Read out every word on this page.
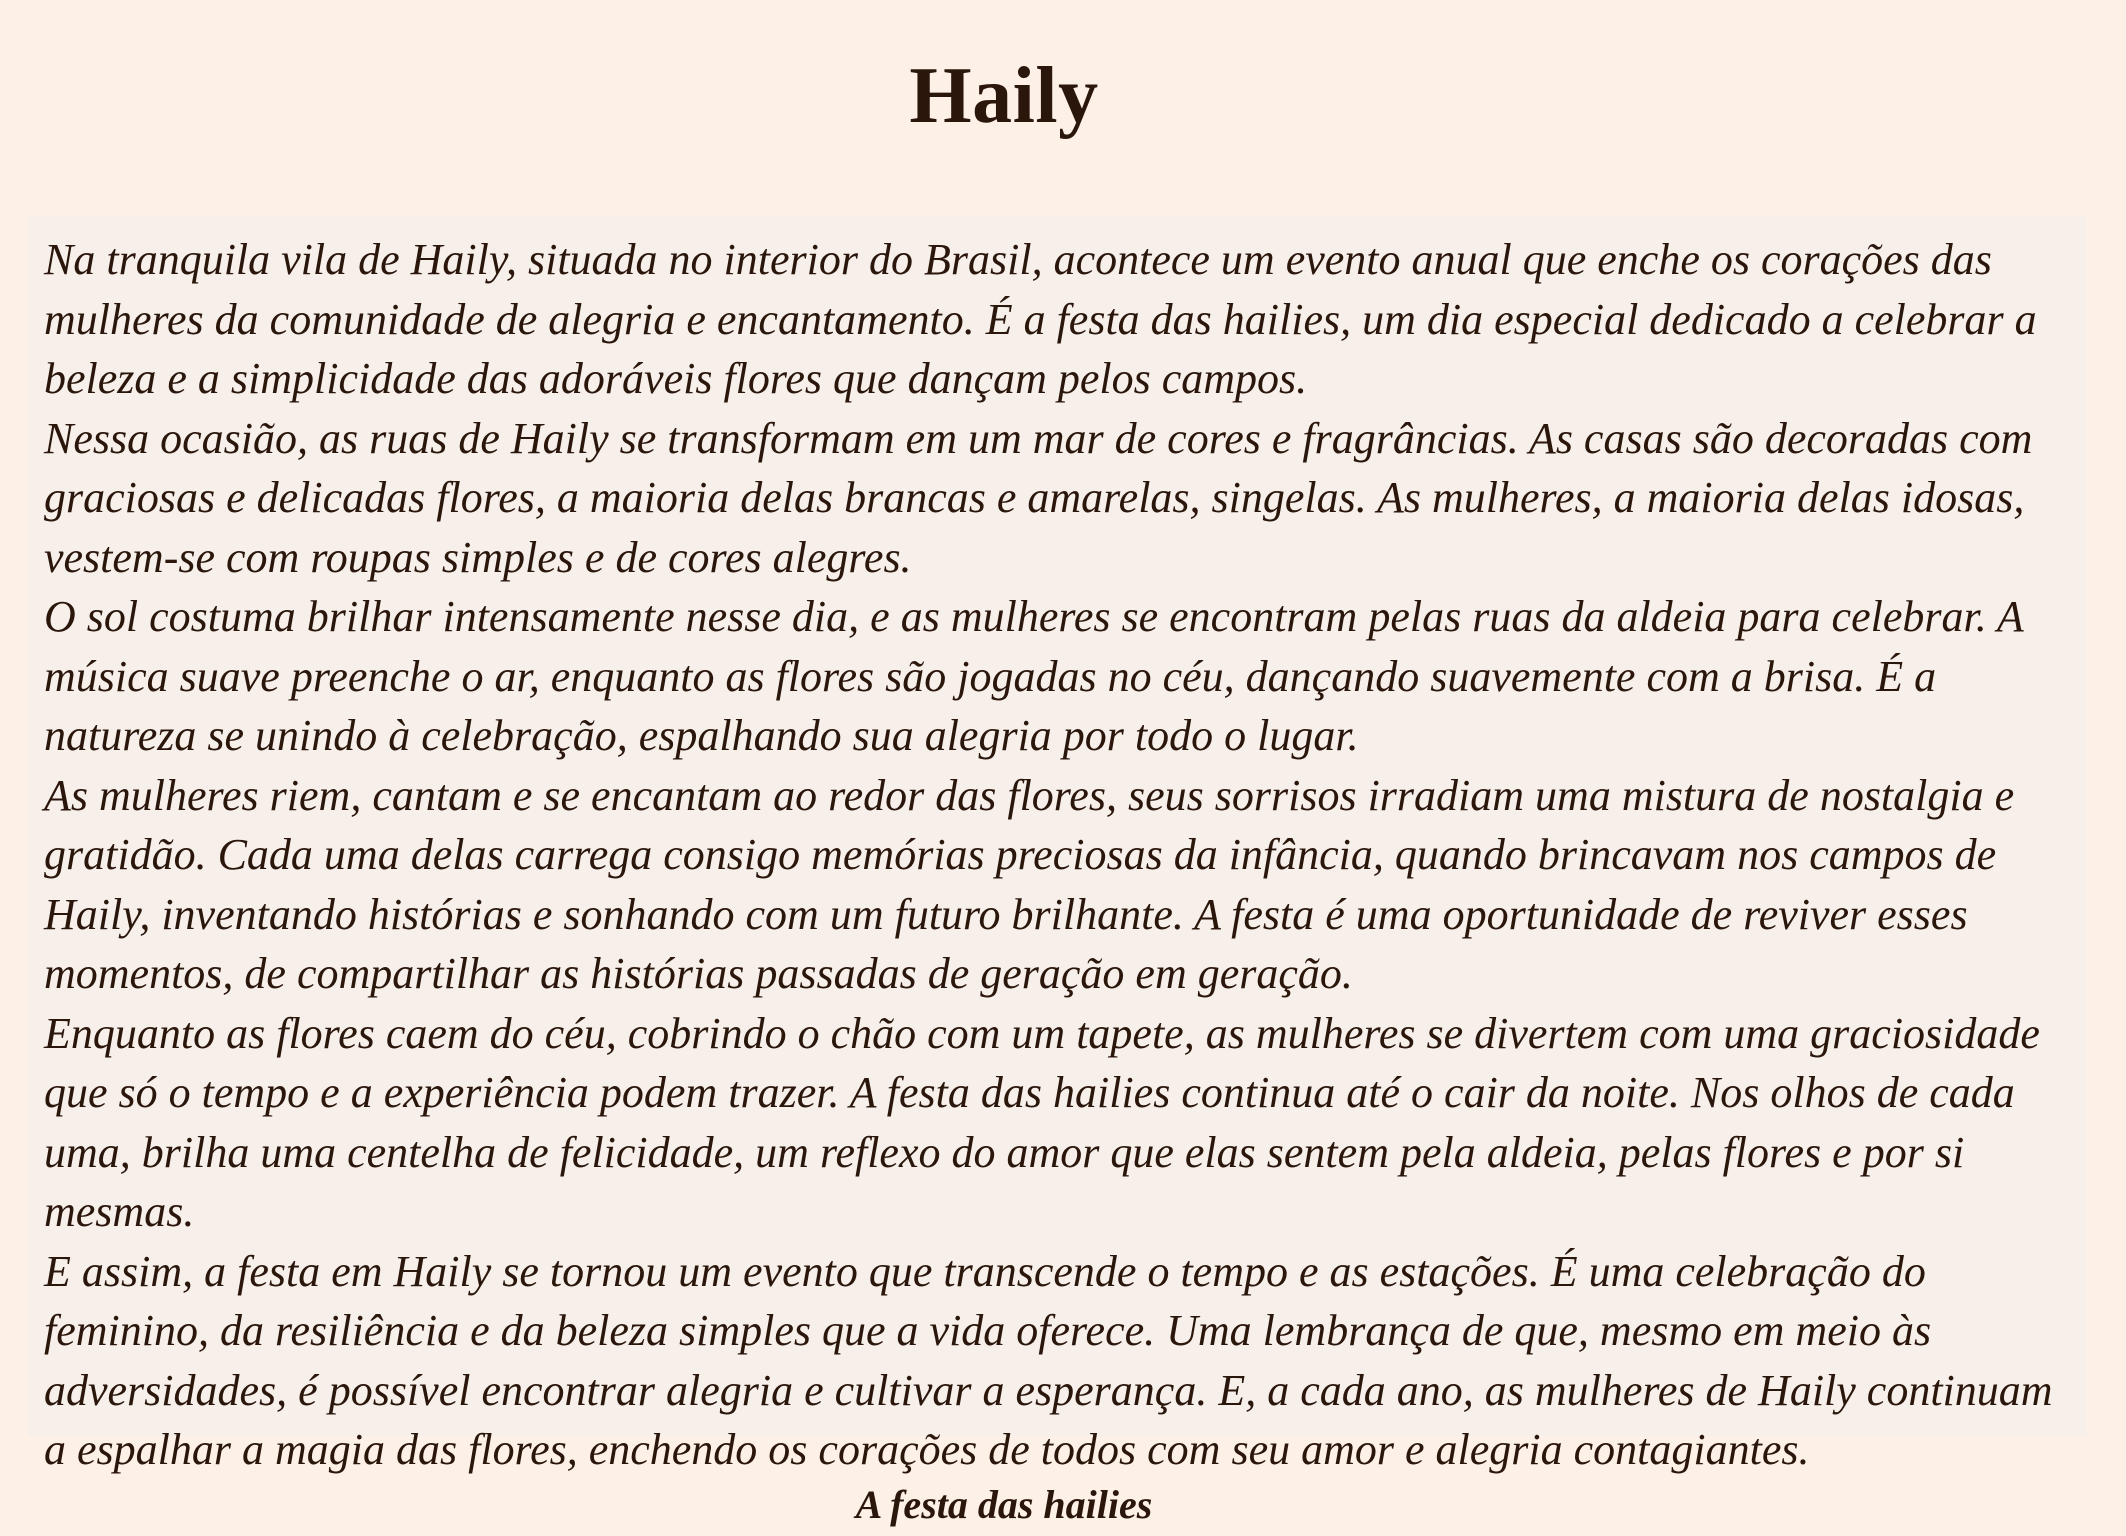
Haily

Na tranquila vila de Haily, situada no interior do Brasil, acontece um evento anual que enche os corações das mulheres da comunidade de alegria e encantamento. É a festa das hailies, um dia especial dedicado a celebrar a beleza e a simplicidade das adoráveis flores que dançam pelos campos.

Nessa ocasião, as ruas de Haily se transformam em um mar de cores e fragrâncias. As casas são decoradas com graciosas e delicadas flores, a maioria delas brancas e amarelas, singelas. As mulheres, a maioria delas idosas, vestem-se com roupas simples e de cores alegres.

O sol costuma brilhar intensamente nesse dia, e as mulheres se encontram pelas ruas da aldeia para celebrar. A música suave preenche o ar, enquanto as flores são jogadas no céu, dançando suavemente com a brisa. É a natureza se unindo à celebração, espalhando sua alegria por todo o lugar.

As mulheres riem, cantam e se encantam ao redor das flores, seus sorrisos irradiam uma mistura de nostalgia e gratidão. Cada uma delas carrega consigo memórias preciosas da infância, quando brincavam nos campos de Haily, inventando histórias e sonhando com um futuro brilhante. A festa é uma oportunidade de reviver esses momentos, de compartilhar as histórias passadas de geração em geração.

Enquanto as flores caem do céu, cobrindo o chão com um tapete, as mulheres se divertem com uma graciosidade que só o tempo e a experiência podem trazer. A festa das hailies continua até o cair da noite. Nos olhos de cada uma, brilha uma centelha de felicidade, um reflexo do amor que elas sentem pela aldeia, pelas flores e por si mesmas.

E assim, a festa em Haily se tornou um evento que transcende o tempo e as estações. É uma celebração do feminino, da resiliência e da beleza simples que a vida oferece. Uma lembrança de que, mesmo em meio às adversidades, é possível encontrar alegria e cultivar a esperança. E, a cada ano, as mulheres de Haily continuam a espalhar a magia das flores, enchendo os corações de todos com seu amor e alegria contagiantes.

A festa das hailies
